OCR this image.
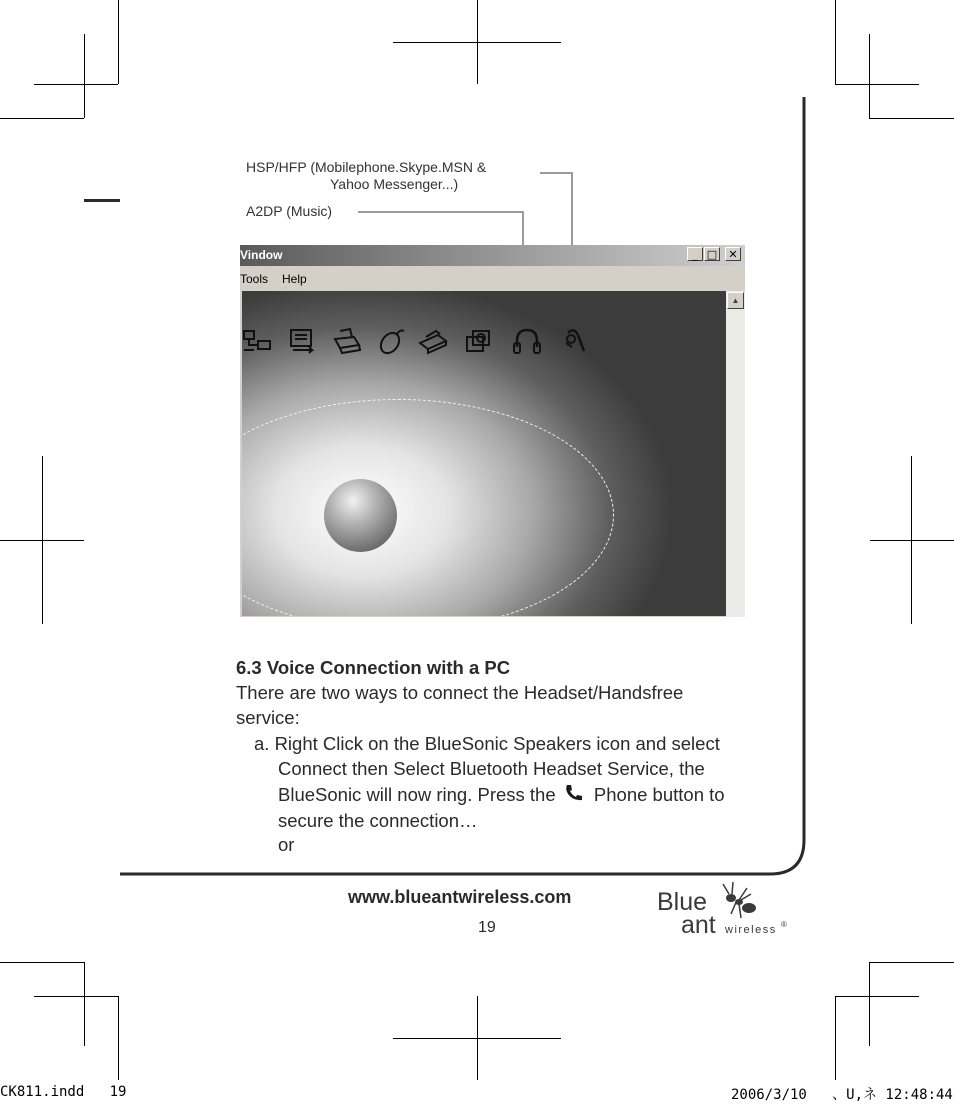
HSP/HFP (Mobilephone.Skype.MSN &
Yahoo Messenger...)
A2DP (Music)
Vindow	_ □	✕
Tools Help
▲
6.3 Voice Connection with a PC
There are two ways to connect the Headset/Handsfree
service:
a. Right Click on the BlueSonic Speakers icon and select
Connect then Select Bluetooth Headset Service, the
BlueSonic will now ring. Press the Phone button to
secure the connection…
or
www.blueantwireless.com
19
Blue
ant wireless ®
CK811.indd   19	2006/3/10   、U,ネ 12:48:44
